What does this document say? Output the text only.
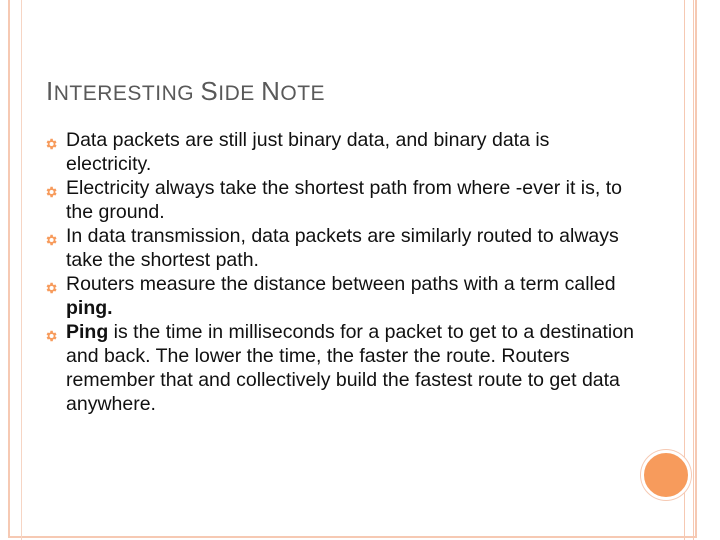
INTERESTING SIDE NOTE
Data packets are still just binary data, and binary data is electricity.
Electricity always take the shortest path from where -ever it is, to the ground.
In data transmission, data packets are similarly routed to always take the shortest path.
Routers measure the distance between paths with a term called ping.
Ping is the time in milliseconds for a packet to get to a destination and back. The lower the time, the faster the route. Routers remember that and collectively build the fastest route to get data anywhere.
